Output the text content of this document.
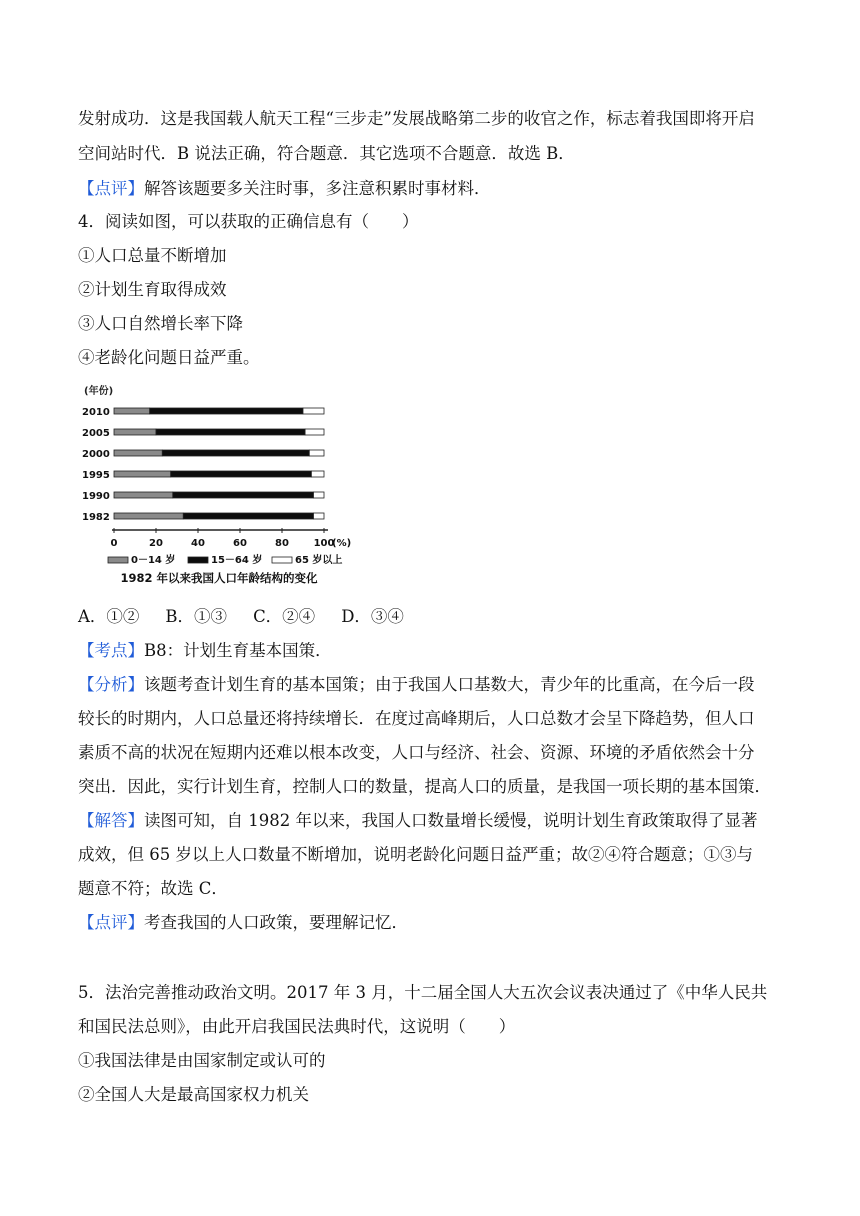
发射成功．这是我国载人航天工程“三步走”发展战略第二步的收官之作，标志着我国即将开启
空间站时代．B 说法正确，符合题意．其它选项不合题意．故选 B．
【点评】解答该题要多关注时事，多注意积累时事材料．
4．阅读如图，可以获取的正确信息有（　　）
①人口总量不断增加
②计划生育取得成效
③人口自然增长率下降
④老龄化问题日益严重。
(年份)
2010
2005
2000
1995
1990
1982
0	20	40	60	80 100
(%)
0－14 岁	15－64 岁	65 岁以上
1982 年以来我国人口年龄结构的变化
A．①② B．①③ C．②④ D．③④
【考点】B8：计划生育基本国策．
【分析】该题考查计划生育的基本国策；由于我国人口基数大，青少年的比重高，在今后一段
较长的时期内，人口总量还将持续增长．在度过高峰期后，人口总数才会呈下降趋势，但人口
素质不高的状况在短期内还难以根本改变，人口与经济、社会、资源、环境的矛盾依然会十分
突出．因此，实行计划生育，控制人口的数量，提高人口的质量，是我国一项长期的基本国策．
【解答】读图可知，自 1982 年以来，我国人口数量增长缓慢，说明计划生育政策取得了显著
成效，但 65 岁以上人口数量不断增加，说明老龄化问题日益严重；故②④符合题意；①③与
题意不符；故选 C．
【点评】考查我国的人口政策，要理解记忆．
5．法治完善推动政治文明。2017 年 3 月，十二届全国人大五次会议表决通过了《中华人民共
和国民法总则》，由此开启我国民法典时代，这说明（　　）
①我国法律是由国家制定或认可的
②全国人大是最高国家权力机关
